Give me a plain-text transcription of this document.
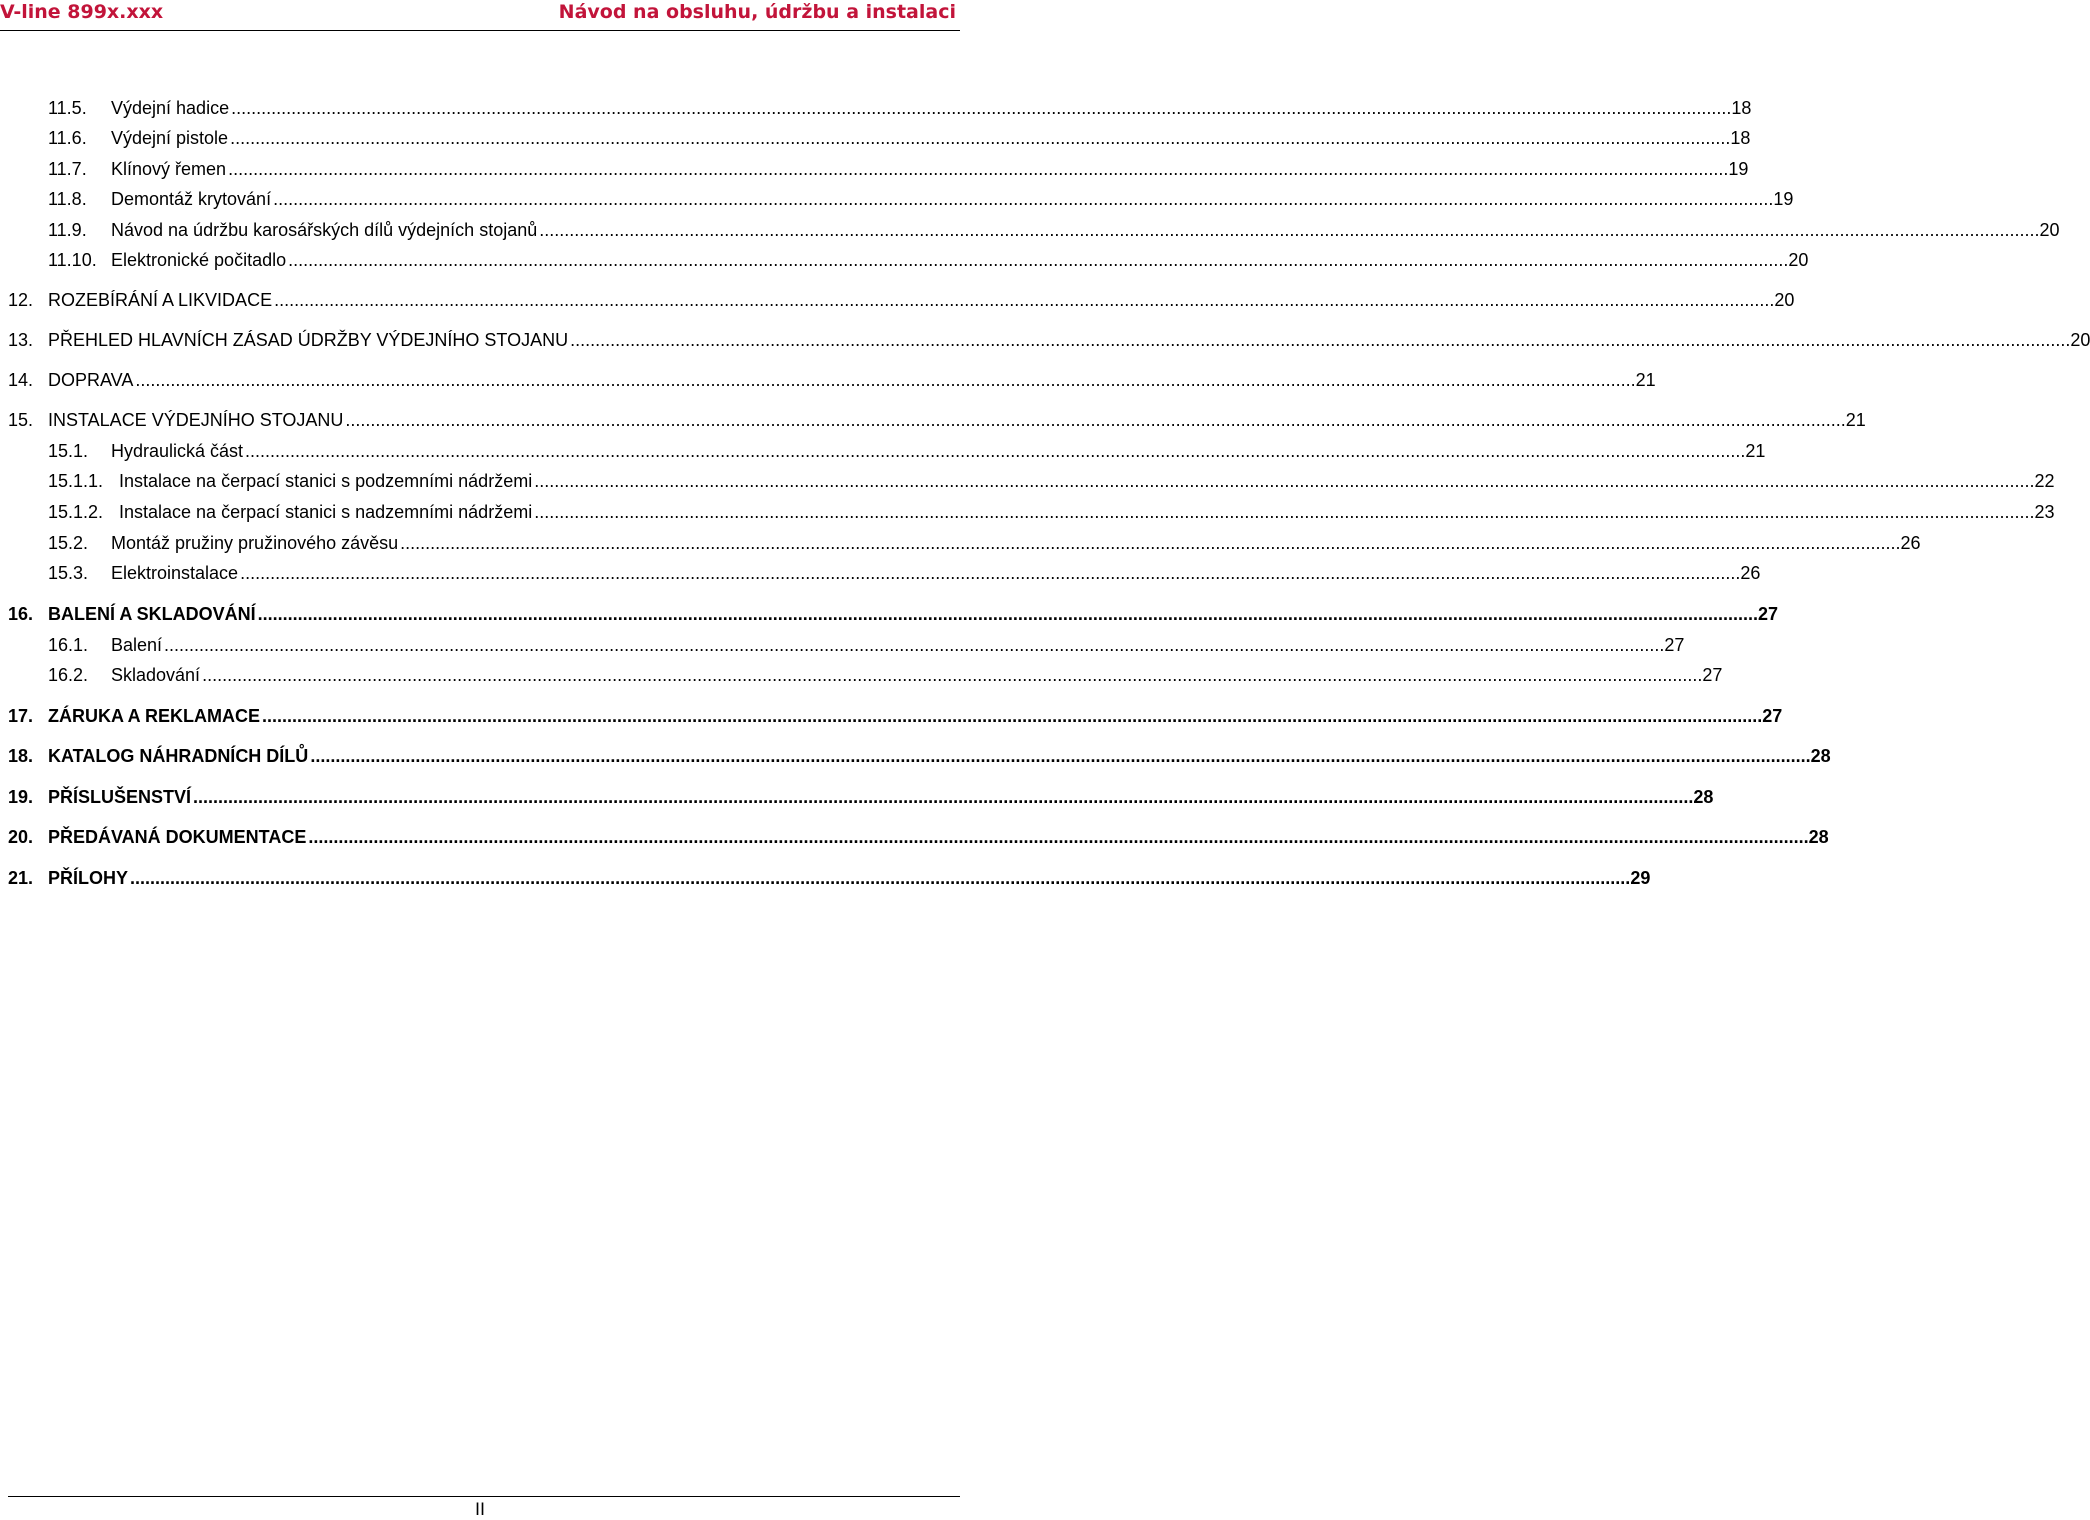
V-line 899x.xxx	Návod na obsluhu, údržbu a instalaci
11.5. Výdejní hadice ............................................................................................................................................................................................................................................................................................................ 18
11.6. Výdejní pistole ............................................................................................................................................................................................................................................................................................................ 18
11.7. Klínový řemen ............................................................................................................................................................................................................................................................................................................ 19
11.8. Demontáž krytování ............................................................................................................................................................................................................................................................................................................ 19
11.9. Návod na údržbu karosářských dílů výdejních stojanů ............................................................................................................................................................................................................................................................................................................ 20
11.10. Elektronické počitadlo ............................................................................................................................................................................................................................................................................................................ 20
12. ROZEBÍRÁNÍ A LIKVIDACE ............................................................................................................................................................................................................................................................................................................ 20
13. PŘEHLED HLAVNÍCH ZÁSAD ÚDRŽBY VÝDEJNÍHO STOJANU ............................................................................................................................................................................................................................................................................................................ 20
14. DOPRAVA ............................................................................................................................................................................................................................................................................................................ 21
15. INSTALACE VÝDEJNÍHO STOJANU ............................................................................................................................................................................................................................................................................................................ 21
15.1. Hydraulická část ............................................................................................................................................................................................................................................................................................................ 21
15.1.1. Instalace na čerpací stanici s podzemními nádržemi ............................................................................................................................................................................................................................................................................................................ 22
15.1.2. Instalace na čerpací stanici s nadzemními nádržemi ............................................................................................................................................................................................................................................................................................................ 23
15.2. Montáž pružiny pružinového závěsu ............................................................................................................................................................................................................................................................................................................ 26
15.3. Elektroinstalace ............................................................................................................................................................................................................................................................................................................ 26
16. BALENÍ A SKLADOVÁNÍ ............................................................................................................................................................................................................................................................................................................ 27
16.1. Balení ............................................................................................................................................................................................................................................................................................................ 27
16.2. Skladování ............................................................................................................................................................................................................................................................................................................ 27
17. ZÁRUKA A REKLAMACE ............................................................................................................................................................................................................................................................................................................ 27
18. KATALOG NÁHRADNÍCH DÍLŮ ............................................................................................................................................................................................................................................................................................................ 28
19. PŘÍSLUŠENSTVÍ ............................................................................................................................................................................................................................................................................................................ 28
20. PŘEDÁVANÁ DOKUMENTACE ............................................................................................................................................................................................................................................................................................................ 28
21. PŘÍLOHY ............................................................................................................................................................................................................................................................................................................ 29
II
